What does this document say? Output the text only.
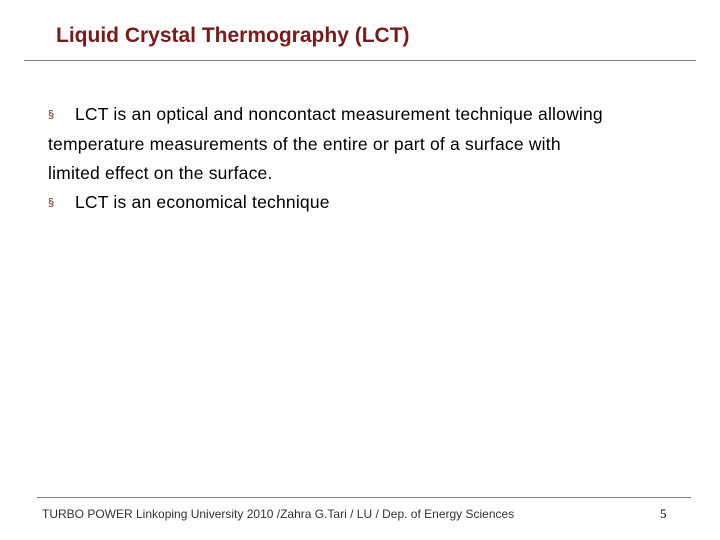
Liquid Crystal Thermography (LCT)

§ LCT is an optical and noncontact measurement technique allowing
temperature measurements of the entire or part of a surface with
limited effect on the surface.

§ LCT is an economical technique

TURBO POWER Linkoping University 2010 /Zahra G.Tari / LU / Dep. of Energy Sciences	5
